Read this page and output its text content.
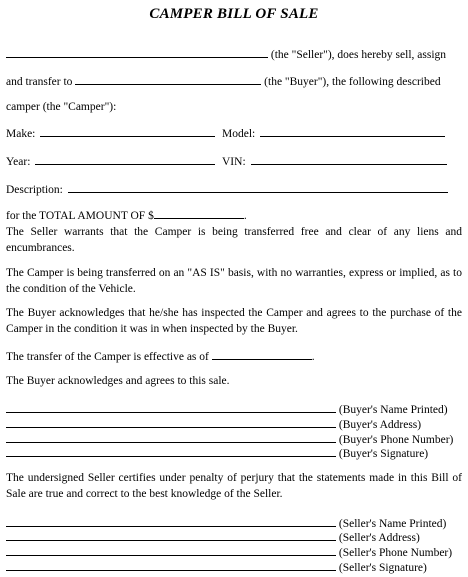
CAMPER BILL OF SALE
(the "Seller"), does hereby sell, assign
and transfer to	(the "Buyer"), the following described
camper (the "Camper"):
Make:	Model:
Year:	VIN:
Description:
for the TOTAL AMOUNT OF $	.
The Seller warrants that the Camper is being transferred free and clear of any liens and encumbrances.
The Camper is being transferred on an "AS IS" basis, with no warranties, express or implied, as to the condition of the Vehicle.
The Buyer acknowledges that he/she has inspected the Camper and agrees to the purchase of the Camper in the condition it was in when inspected by the Buyer.
The transfer of the Camper is effective as of	.
The Buyer acknowledges and agrees to this sale.
(Buyer's Name Printed)
(Buyer's Address)
(Buyer's Phone Number)
(Buyer's Signature)
The undersigned Seller certifies under penalty of perjury that the statements made in this Bill of Sale are true and correct to the best knowledge of the Seller.
(Seller's Name Printed)
(Seller's Address)
(Seller's Phone Number)
(Seller's Signature)
